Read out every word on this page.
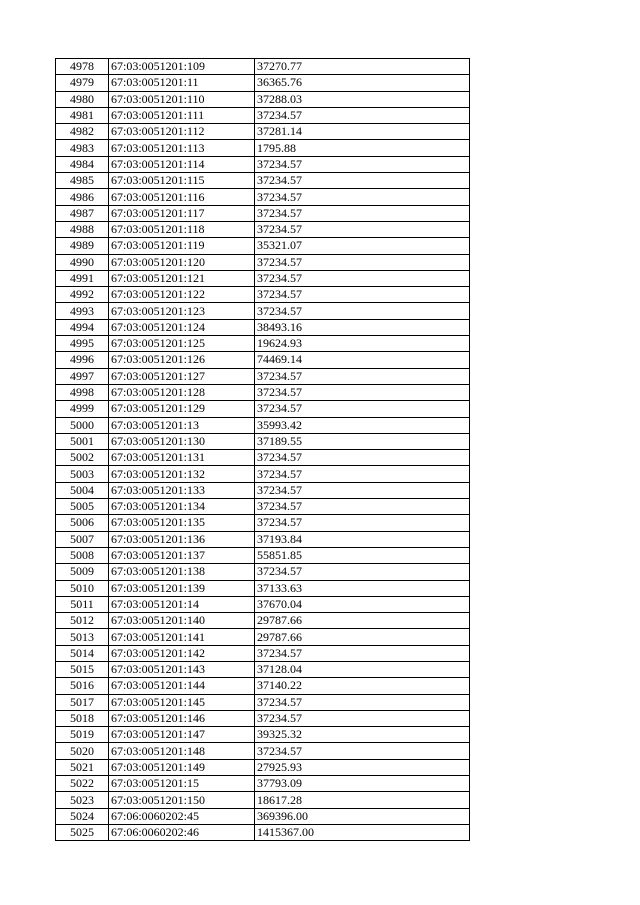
4978	67:03:0051201:109	37270.77
4979	67:03:0051201:11	36365.76
4980	67:03:0051201:110	37288.03
4981	67:03:0051201:111	37234.57
4982	67:03:0051201:112	37281.14
4983	67:03:0051201:113	1795.88
4984	67:03:0051201:114	37234.57
4985	67:03:0051201:115	37234.57
4986	67:03:0051201:116	37234.57
4987	67:03:0051201:117	37234.57
4988	67:03:0051201:118	37234.57
4989	67:03:0051201:119	35321.07
4990	67:03:0051201:120	37234.57
4991	67:03:0051201:121	37234.57
4992	67:03:0051201:122	37234.57
4993	67:03:0051201:123	37234.57
4994	67:03:0051201:124	38493.16
4995	67:03:0051201:125	19624.93
4996	67:03:0051201:126	74469.14
4997	67:03:0051201:127	37234.57
4998	67:03:0051201:128	37234.57
4999	67:03:0051201:129	37234.57
5000	67:03:0051201:13	35993.42
5001	67:03:0051201:130	37189.55
5002	67:03:0051201:131	37234.57
5003	67:03:0051201:132	37234.57
5004	67:03:0051201:133	37234.57
5005	67:03:0051201:134	37234.57
5006	67:03:0051201:135	37234.57
5007	67:03:0051201:136	37193.84
5008	67:03:0051201:137	55851.85
5009	67:03:0051201:138	37234.57
5010	67:03:0051201:139	37133.63
5011	67:03:0051201:14	37670.04
5012	67:03:0051201:140	29787.66
5013	67:03:0051201:141	29787.66
5014	67:03:0051201:142	37234.57
5015	67:03:0051201:143	37128.04
5016	67:03:0051201:144	37140.22
5017	67:03:0051201:145	37234.57
5018	67:03:0051201:146	37234.57
5019	67:03:0051201:147	39325.32
5020	67:03:0051201:148	37234.57
5021	67:03:0051201:149	27925.93
5022	67:03:0051201:15	37793.09
5023	67:03:0051201:150	18617.28
5024	67:06:0060202:45	369396.00
5025	67:06:0060202:46	1415367.00
